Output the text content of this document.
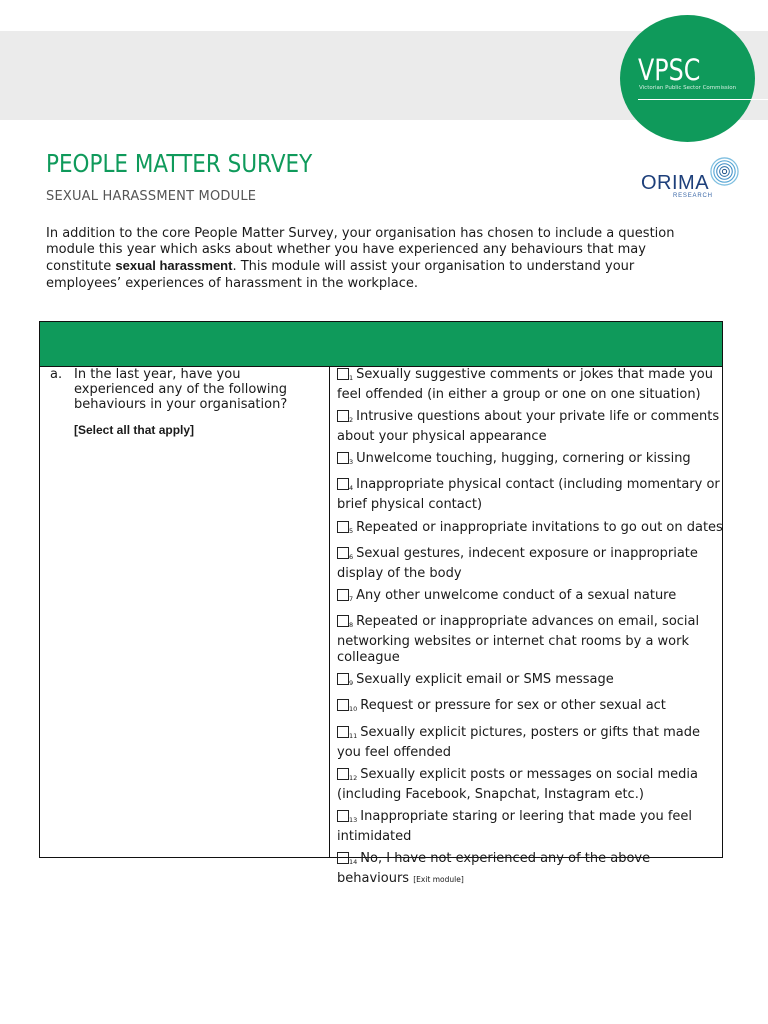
VPSC
Victorian Public Sector Commission
PEOPLE MATTER SURVEY
SEXUAL HARASSMENT MODULE
ORIMA
RESEARCH
In addition to the core People Matter Survey, your organisation has chosen to include a question module this year which asks about whether you have experienced any behaviours that may constitute sexual harassment. This module will assist your organisation to understand your employees’ experiences of harassment in the workplace.
a. In the last year, have you experienced any of the following behaviours in your organisation?
[Select all that apply]
1 Sexually suggestive comments or jokes that made you feel offended (in either a group or one on one situation)
2 Intrusive questions about your private life or comments about your physical appearance
3 Unwelcome touching, hugging, cornering or kissing
4 Inappropriate physical contact (including momentary or brief physical contact)
5 Repeated or inappropriate invitations to go out on dates
6 Sexual gestures, indecent exposure or inappropriate display of the body
7 Any other unwelcome conduct of a sexual nature
8 Repeated or inappropriate advances on email, social networking websites or internet chat rooms by a work colleague
9 Sexually explicit email or SMS message
10 Request or pressure for sex or other sexual act
11 Sexually explicit pictures, posters or gifts that made you feel offended
12 Sexually explicit posts or messages on social media (including Facebook, Snapchat, Instagram etc.)
13 Inappropriate staring or leering that made you feel intimidated
14 No, I have not experienced any of the above behaviours [Exit module]
